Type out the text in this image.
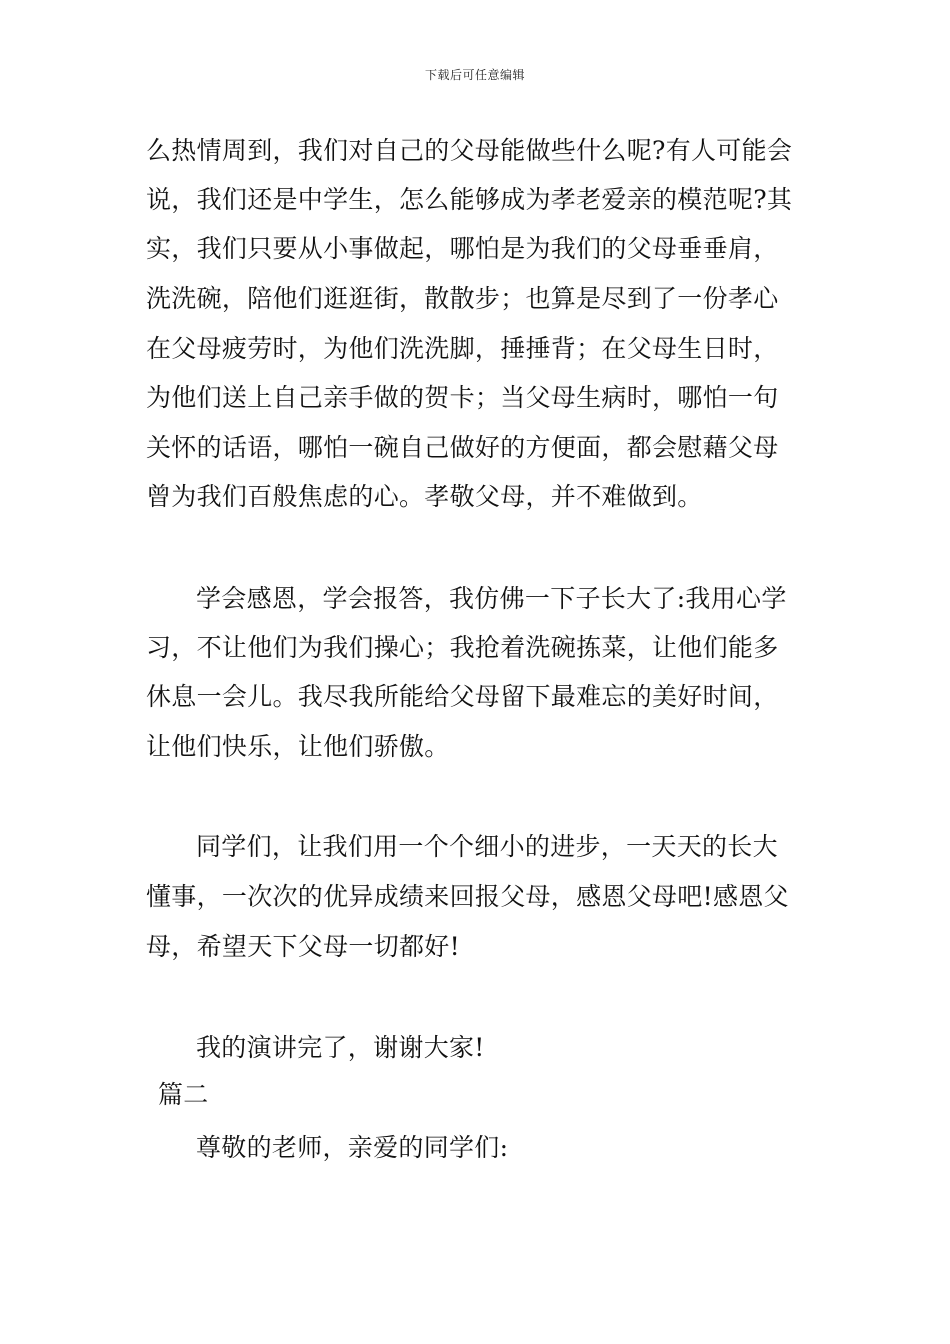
下载后可任意编辑
么热情周到，我们对自己的父母能做些什么呢?有人可能会
说，我们还是中学生，怎么能够成为孝老爱亲的模范呢?其
实，我们只要从小事做起，哪怕是为我们的父母垂垂肩，
洗洗碗，陪他们逛逛街，散散步；也算是尽到了一份孝心
在父母疲劳时，为他们洗洗脚，捶捶背；在父母生日时，
为他们送上自己亲手做的贺卡；当父母生病时，哪怕一句
关怀的话语，哪怕一碗自己做好的方便面，都会慰藉父母
曾为我们百般焦虑的心。孝敬父母，并不难做到。
学会感恩，学会报答，我仿佛一下子长大了:我用心学
习，不让他们为我们操心；我抢着洗碗拣菜，让他们能多
休息一会儿。我尽我所能给父母留下最难忘的美好时间，
让他们快乐，让他们骄傲。
同学们，让我们用一个个细小的进步，一天天的长大
懂事，一次次的优异成绩来回报父母，感恩父母吧!感恩父
母，希望天下父母一切都好!
我的演讲完了，谢谢大家!
篇二
尊敬的老师，亲爱的同学们:
